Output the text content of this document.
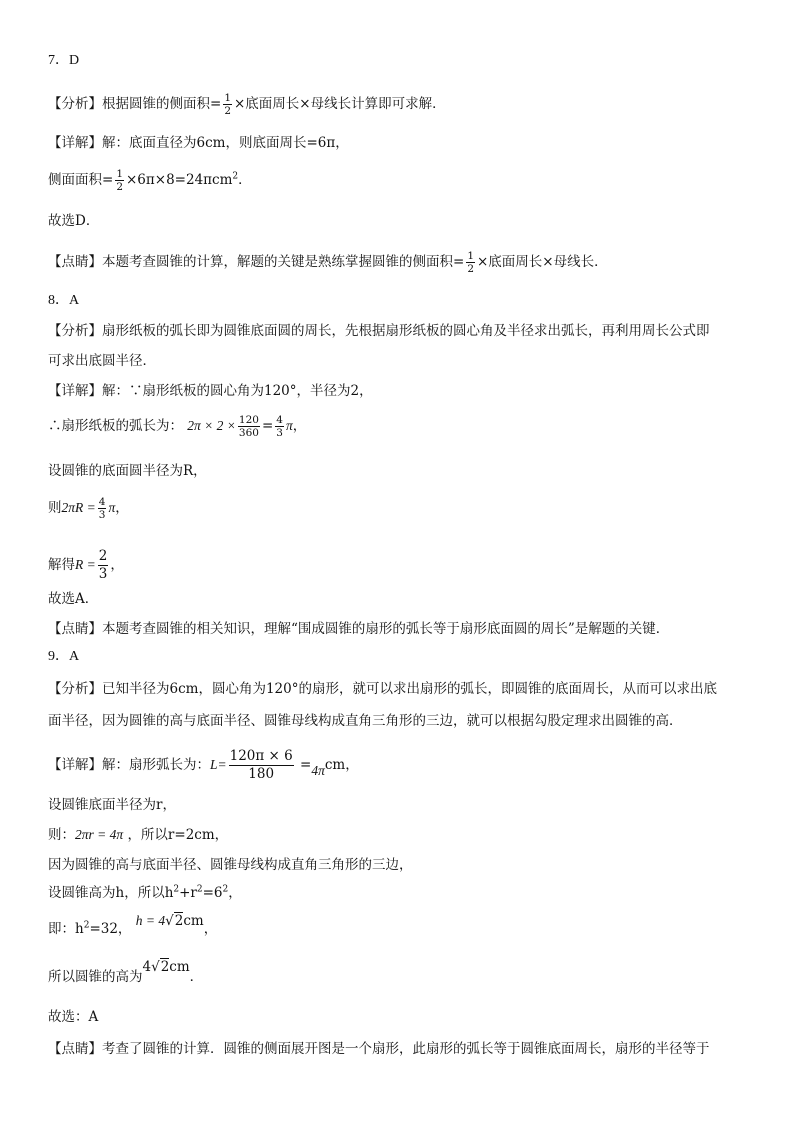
7．D
【分析】根据圆锥的侧面积= $\frac{1}{2}$ ×底面周长×母线长计算即可求解．
【详解】解：底面直径为6cm，则底面周长=6π，
侧面面积= $\frac{1}{2} \times 6\pi\times 8=24\pi cm^2$．
故选D．
【点睛】本题考查圆锥的计算，解题的关键是熟练掌握圆锥的侧面积= $\frac{1}{2}$ ×底面周长×母线长．
8．A
【分析】扇形纸板的弧长即为圆锥底面圆的周长，先根据扇形纸板的圆心角及半径求出弧长，再利用周长公式即
可求出底圆半径．
【详解】解：∵扇形纸板的圆心角为120°，半径为2，
∴扇形纸板的弧长为： $2\pi \times 2 \times \frac{120}{360} = \frac{4}{3}$ π，
设圆锥的底面圆半径为R，
则$2\pi R = \frac{4}{3}$ π，
解得$R = \frac{2}{3}$ ，
故选A．
【点睛】本题考查圆锥的相关知识，理解“围成圆锥的扇形的弧长等于扇形底面圆的周长”是解题的关键．
9．A
【分析】已知半径为6cm，圆心角为120°的扇形，就可以求出扇形的弧长，即圆锥的底面周长，从而可以求出底
面半径，因为圆锥的高与底面半径、圆锥母线构成直角三角形的三边，就可以根据勾股定理求出圆锥的高．
【详解】解：扇形弧长为：$L= \frac{120\pi \times 6}{180} =4\pi cm$，
设圆锥底面半径为r，
则：2πr = 4π ，所以r=2cm，
因为圆锥的高与底面半径、圆锥母线构成直角三角形的三边，
设圆锥高为h，所以$h^2+r^2=6^2$，
即：$h^2=32$， h = 4√2cm，
所以圆锥的高为4√2cm．
故选：A
【点睛】考查了圆锥的计算．圆锥的侧面展开图是一个扇形，此扇形的弧长等于圆锥底面周长，扇形的半径等于
